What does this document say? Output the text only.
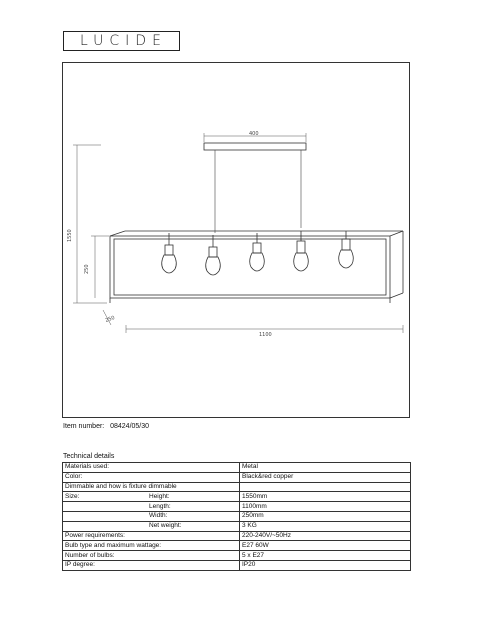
LUCIDE
400
1550
250
250
1100
Item number: 08424/05/30
Technical details
Materials used:	Metal
Color:	Black&red copper
Dimmable and how is fixture dimmable	
Size: Height:	1550mm
Length:	1100mm
Width:	250mm
Net weight:	3 KG
Power requirements:	220-240V/~50Hz
Bulb type and maximum wattage:	E27 60W
Number of bulbs:	5 x E27
IP degree:	IP20
